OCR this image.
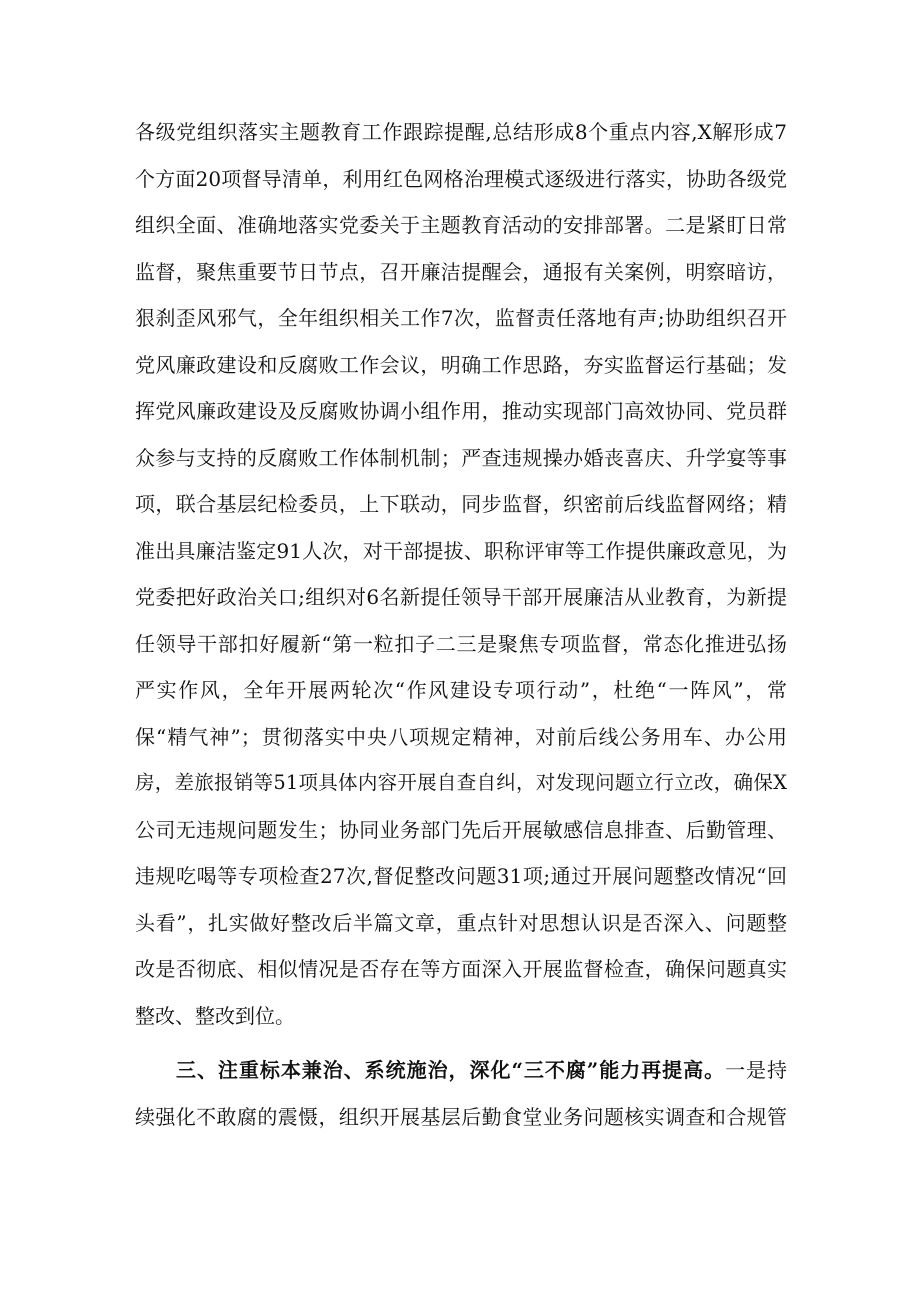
各级党组织落实主题教育工作跟踪提醒,总结形成8个重点内容,X解形成7
个方面20项督导清单，利用红色网格治理模式逐级进行落实，协助各级党
组织全面、准确地落实党委关于主题教育活动的安排部署。二是紧盯日常
监督，聚焦重要节日节点，召开廉洁提醒会，通报有关案例，明察暗访，
狠刹歪风邪气，全年组织相关工作7次，监督责任落地有声;协助组织召开
党风廉政建设和反腐败工作会议，明确工作思路，夯实监督运行基础；发
挥党风廉政建设及反腐败协调小组作用，推动实现部门高效协同、党员群
众参与支持的反腐败工作体制机制；严查违规操办婚丧喜庆、升学宴等事
项，联合基层纪检委员，上下联动，同步监督，织密前后线监督网络；精
准出具廉洁鉴定91人次，对干部提拔、职称评审等工作提供廉政意见，为
党委把好政治关口;组织对6名新提任领导干部开展廉洁从业教育，为新提
任领导干部扣好履新“第一粒扣子二三是聚焦专项监督，常态化推进弘扬
严实作风，全年开展两轮次“作风建设专项行动”，杜绝“一阵风”，常
保“精气神”；贯彻落实中央八项规定精神，对前后线公务用车、办公用
房，差旅报销等51项具体内容开展自查自纠，对发现问题立行立改，确保X
公司无违规问题发生；协同业务部门先后开展敏感信息排查、后勤管理、
违规吃喝等专项检查27次,督促整改问题31项;通过开展问题整改情况“回
头看”，扎实做好整改后半篇文章，重点针对思想认识是否深入、问题整
改是否彻底、相似情况是否存在等方面深入开展监督检查，确保问题真实
整改、整改到位。
三、注重标本兼治、系统施治，深化“三不腐”能力再提高。一是持
续强化不敢腐的震慑，组织开展基层后勤食堂业务问题核实调查和合规管
